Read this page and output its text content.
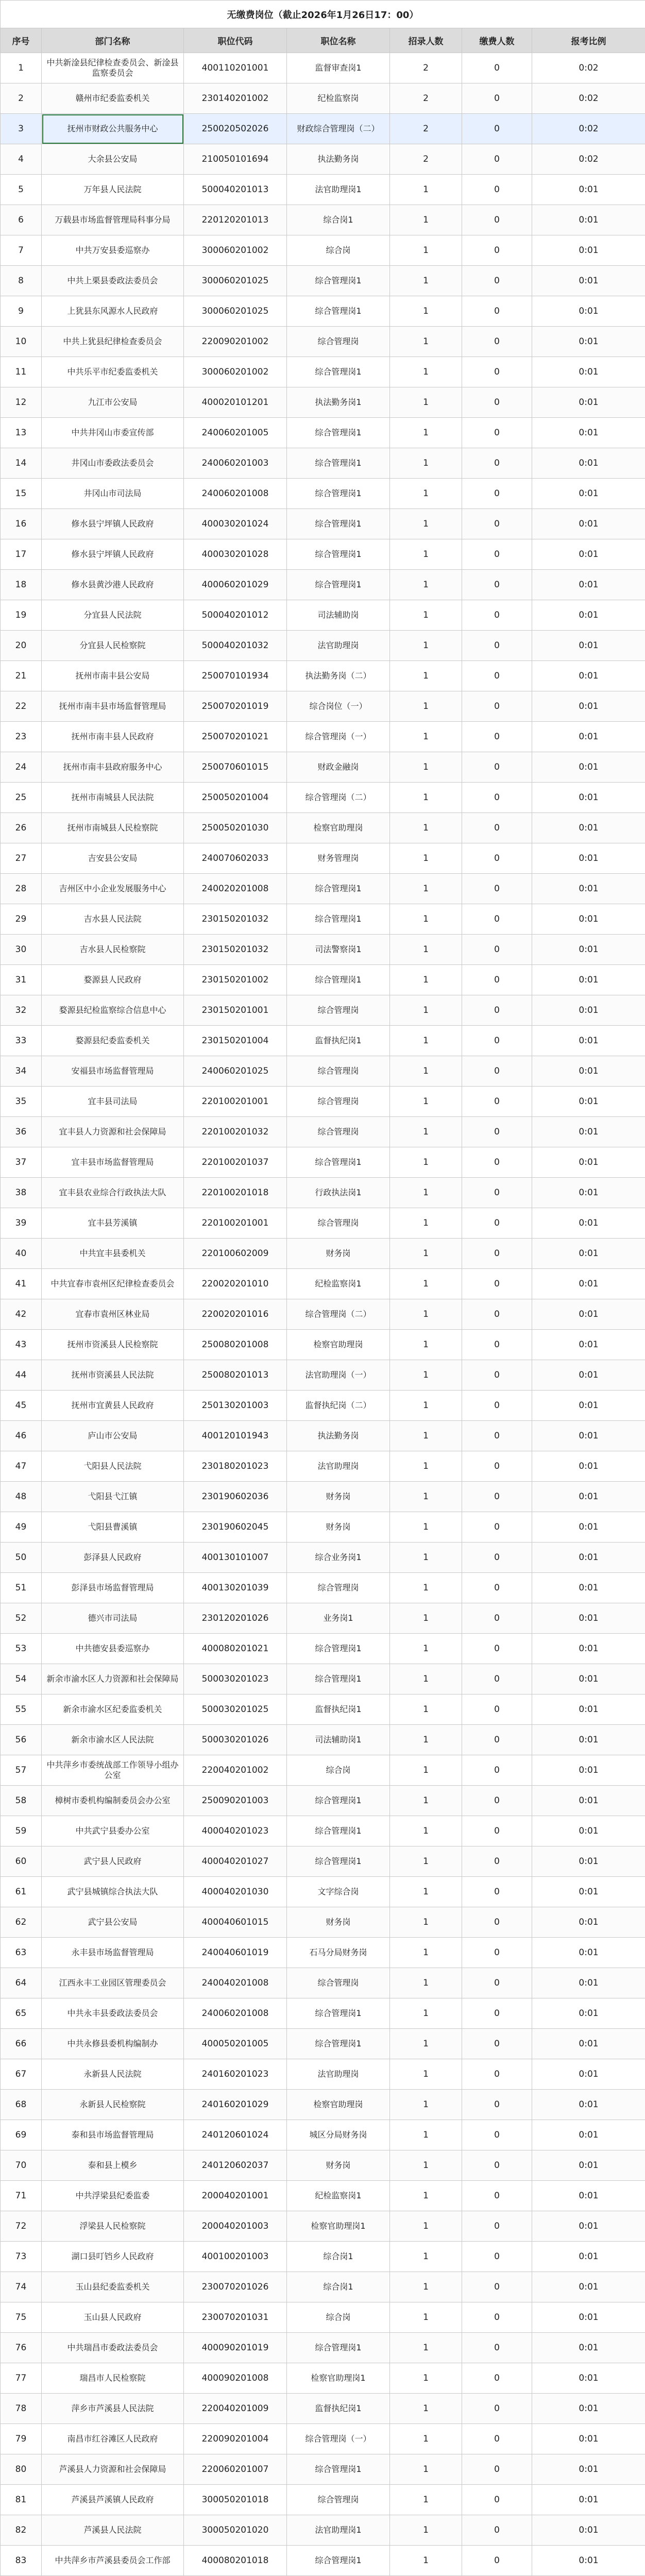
无缴费岗位（截止2026年1月26日17：00）						
序号	部门名称	职位代码	职位名称	招录人数	缴费人数	报考比例
1	中共新淦县纪律检查委员会、新淦县监察委员会	400110201001	监督审查岗1	2	0	0:02
2	赣州市纪委监委机关	230140201002	纪检监察岗	2	0	0:02
3	抚州市财政公共服务中心	250020502026	财政综合管理岗（二）	2	0	0:02
4	大余县公安局	210050101694	执法勤务岗	2	0	0:02
5	万年县人民法院	500040201013	法官助理岗1	1	0	0:01
6	万载县市场监督管理局科事分局	220120201013	综合岗1	1	0	0:01
7	中共万安县委巡察办	300060201002	综合岗	1	0	0:01
8	中共上栗县委政法委员会	300060201025	综合管理岗1	1	0	0:01
9	上犹县东风源水人民政府	300060201025	综合管理岗1	1	0	0:01
10	中共上犹县纪律检查委员会	220090201002	综合管理岗	1	0	0:01
11	中共乐平市纪委监委机关	300060201002	综合管理岗1	1	0	0:01
12	九江市公安局	400020101201	执法勤务岗1	1	0	0:01
13	中共井冈山市委宣传部	240060201005	综合管理岗1	1	0	0:01
14	井冈山市委政法委员会	240060201003	综合管理岗1	1	0	0:01
15	井冈山市司法局	240060201008	综合管理岗1	1	0	0:01
16	修水县宁坪镇人民政府	400030201024	综合管理岗1	1	0	0:01
17	修水县宁坪镇人民政府	400030201028	综合管理岗1	1	0	0:01
18	修水县黄沙港人民政府	400060201029	综合管理岗1	1	0	0:01
19	分宜县人民法院	500040201012	司法辅助岗	1	0	0:01
20	分宜县人民检察院	500040201032	法官助理岗	1	0	0:01
21	抚州市南丰县公安局	250070101934	执法勤务岗（二）	1	0	0:01
22	抚州市南丰县市场监督管理局	250070201019	综合岗位（一）	1	0	0:01
23	抚州市南丰县人民政府	250070201021	综合管理岗（一）	1	0	0:01
24	抚州市南丰县政府服务中心	250070601015	财政金融岗	1	0	0:01
25	抚州市南城县人民法院	250050201004	综合管理岗（二）	1	0	0:01
26	抚州市南城县人民检察院	250050201030	检察官助理岗	1	0	0:01
27	吉安县公安局	240070602033	财务管理岗	1	0	0:01
28	吉州区中小企业发展服务中心	240020201008	综合管理岗1	1	0	0:01
29	吉水县人民法院	230150201032	综合管理岗1	1	0	0:01
30	吉水县人民检察院	230150201032	司法警察岗1	1	0	0:01
31	婺源县人民政府	230150201002	综合管理岗1	1	0	0:01
32	婺源县纪检监察综合信息中心	230150201001	综合管理岗	1	0	0:01
33	婺源县纪委监委机关	230150201004	监督执纪岗1	1	0	0:01
34	安福县市场监督管理局	240060201025	综合管理岗	1	0	0:01
35	宜丰县司法局	220100201001	综合管理岗	1	0	0:01
36	宜丰县人力资源和社会保障局	220100201032	综合管理岗	1	0	0:01
37	宜丰县市场监督管理局	220100201037	综合管理岗1	1	0	0:01
38	宜丰县农业综合行政执法大队	220100201018	行政执法岗1	1	0	0:01
39	宜丰县芳溪镇	220100201001	综合管理岗	1	0	0:01
40	中共宜丰县委机关	220100602009	财务岗	1	0	0:01
41	中共宜春市袁州区纪律检查委员会	220020201010	纪检监察岗1	1	0	0:01
42	宜春市袁州区林业局	220020201016	综合管理岗（二）	1	0	0:01
43	抚州市资溪县人民检察院	250080201008	检察官助理岗	1	0	0:01
44	抚州市资溪县人民法院	250080201013	法官助理岗（一）	1	0	0:01
45	抚州市宜黄县人民政府	250130201003	监督执纪岗（二）	1	0	0:01
46	庐山市公安局	400120101943	执法勤务岗	1	0	0:01
47	弋阳县人民法院	230180201023	法官助理岗	1	0	0:01
48	弋阳县弋江镇	230190602036	财务岗	1	0	0:01
49	弋阳县曹溪镇	230190602045	财务岗	1	0	0:01
50	彭泽县人民政府	400130101007	综合业务岗1	1	0	0:01
51	彭泽县市场监督管理局	400130201039	综合管理岗	1	0	0:01
52	德兴市司法局	230120201026	业务岗1	1	0	0:01
53	中共德安县委巡察办	400080201021	综合管理岗1	1	0	0:01
54	新余市渝水区人力资源和社会保障局	500030201023	综合管理岗1	1	0	0:01
55	新余市渝水区纪委监委机关	500030201025	监督执纪岗1	1	0	0:01
56	新余市渝水区人民法院	500030201026	司法辅助岗1	1	0	0:01
57	中共萍乡市委统战部工作领导小组办公室	220040201002	综合岗	1	0	0:01
58	樟树市委机构编制委员会办公室	250090201003	综合管理岗1	1	0	0:01
59	中共武宁县委办公室	400040201023	综合管理岗1	1	0	0:01
60	武宁县人民政府	400040201027	综合管理岗1	1	0	0:01
61	武宁县城镇综合执法大队	400040201030	文字综合岗	1	0	0:01
62	武宁县公安局	400040601015	财务岗	1	0	0:01
63	永丰县市场监督管理局	240040601019	石马分局财务岗	1	0	0:01
64	江西永丰工业园区管理委员会	240040201008	综合管理岗	1	0	0:01
65	中共永丰县委政法委员会	240060201008	综合管理岗1	1	0	0:01
66	中共永修县委机构编制办	400050201005	综合管理岗1	1	0	0:01
67	永新县人民法院	240160201023	法官助理岗	1	0	0:01
68	永新县人民检察院	240160201029	检察官助理岗	1	0	0:01
69	泰和县市场监督管理局	240120601024	城区分局财务岗	1	0	0:01
70	泰和县上模乡	240120602037	财务岗	1	0	0:01
71	中共浮梁县纪委监委	200040201001	纪检监察岗1	1	0	0:01
72	浮梁县人民检察院	200040201003	检察官助理岗1	1	0	0:01
73	湖口县叮铛乡人民政府	400100201003	综合岗1	1	0	0:01
74	玉山县纪委监委机关	230070201026	综合岗1	1	0	0:01
75	玉山县人民政府	230070201031	综合岗	1	0	0:01
76	中共瑞昌市委政法委员会	400090201019	综合管理岗1	1	0	0:01
77	瑞昌市人民检察院	400090201008	检察官助理岗1	1	0	0:01
78	萍乡市芦溪县人民法院	220040201009	监督执纪岗1	1	0	0:01
79	南昌市红谷滩区人民政府	220090201004	综合管理岗（一）	1	0	0:01
80	芦溪县人力资源和社会保障局	220060201007	综合管理岗1	1	0	0:01
81	芦溪县芦溪镇人民政府	300050201018	综合管理岗	1	0	0:01
82	芦溪县人民法院	300050201020	法官助理岗1	1	0	0:01
83	中共萍乡市芦溪县委员会工作部	400080201018	综合管理岗1	1	0	0:01
